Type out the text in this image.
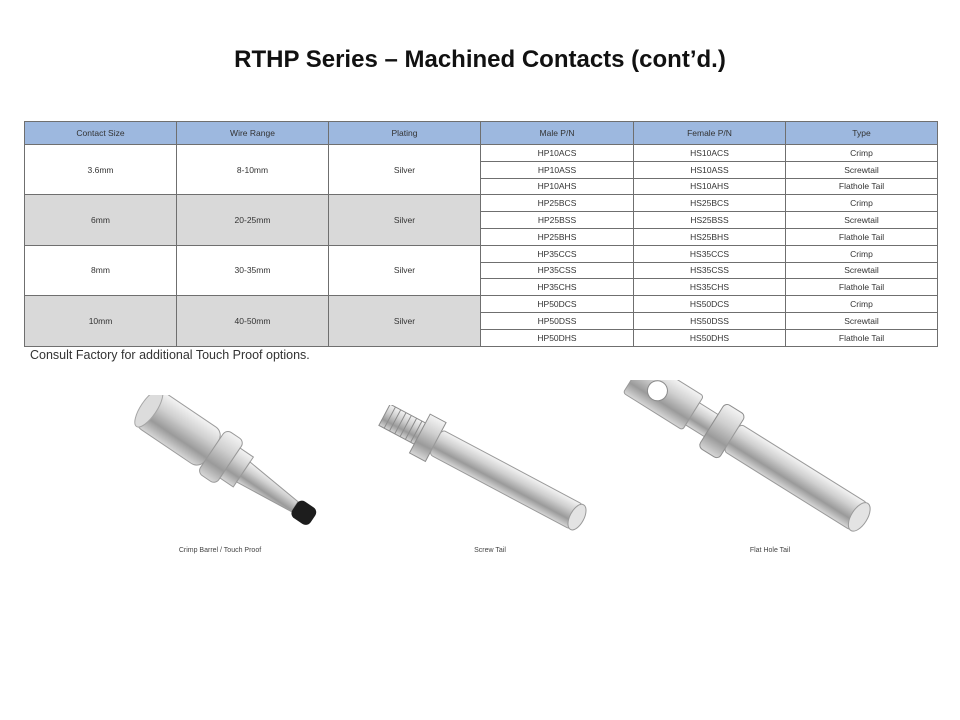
RTHP Series – Machined Contacts (cont’d.)
Contact Size	Wire Range	Plating	Male P/N	Female P/N	Type
3.6mm	8-10mm	Silver	HP10ACS	HS10ACS	Crimp
			HP10ASS	HS10ASS	Screwtail
			HP10AHS	HS10AHS	Flathole Tail
6mm	20-25mm	Silver	HP25BCS	HS25BCS	Crimp
			HP25BSS	HS25BSS	Screwtail
			HP25BHS	HS25BHS	Flathole Tail
8mm	30-35mm	Silver	HP35CCS	HS35CCS	Crimp
			HP35CSS	HS35CSS	Screwtail
			HP35CHS	HS35CHS	Flathole Tail
10mm	40-50mm	Silver	HP50DCS	HS50DCS	Crimp
			HP50DSS	HS50DSS	Screwtail
			HP50DHS	HS50DHS	Flathole Tail
Consult Factory for additional Touch Proof options.
Crimp Barrel / Touch Proof	Screw Tail	Flat Hole Tail
